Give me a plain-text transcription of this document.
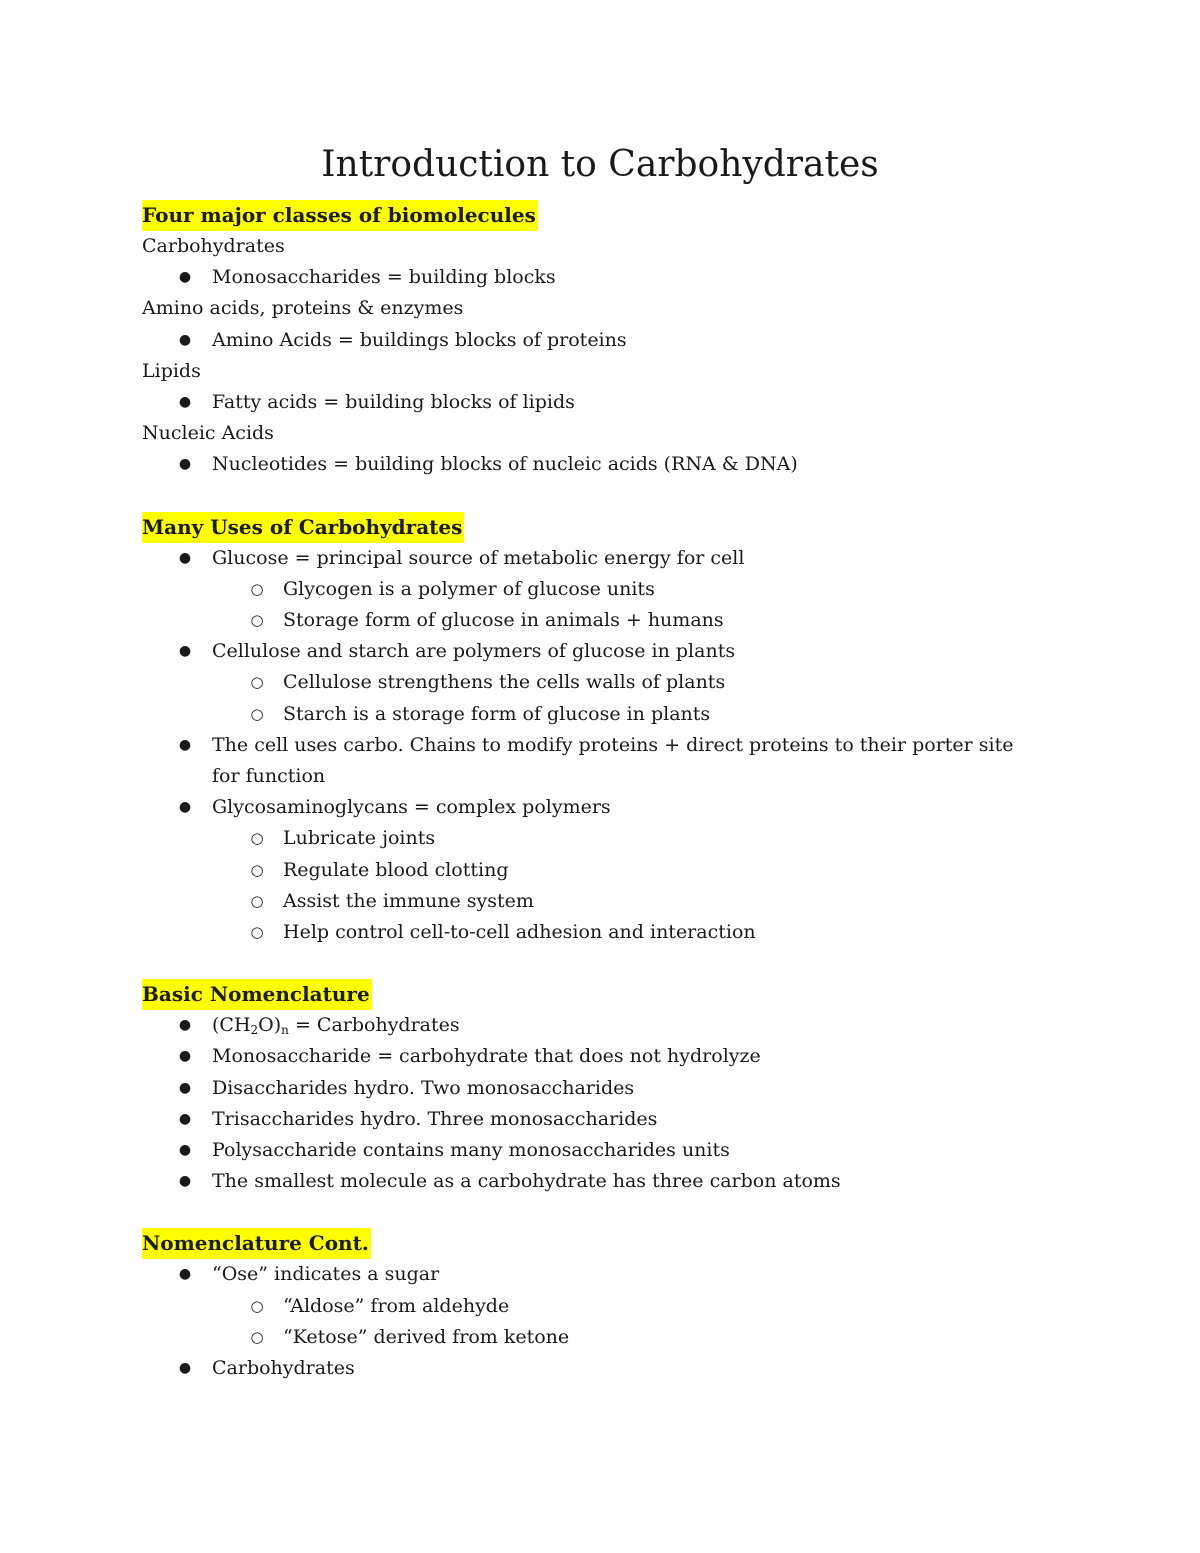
Introduction to Carbohydrates
Four major classes of biomolecules
Carbohydrates
● Monosaccharides = building blocks
Amino acids, proteins & enzymes
● Amino Acids = buildings blocks of proteins
Lipids
● Fatty acids = building blocks of lipids
Nucleic Acids
● Nucleotides = building blocks of nucleic acids (RNA & DNA)
Many Uses of Carbohydrates
● Glucose = principal source of metabolic energy for cell
○ Glycogen is a polymer of glucose units
○ Storage form of glucose in animals + humans
● Cellulose and starch are polymers of glucose in plants
○ Cellulose strengthens the cells walls of plants
○ Starch is a storage form of glucose in plants
● The cell uses carbo. Chains to modify proteins + direct proteins to their porter site for function
● Glycosaminoglycans = complex polymers
○ Lubricate joints
○ Regulate blood clotting
○ Assist the immune system
○ Help control cell-to-cell adhesion and interaction
Basic Nomenclature
● $(CH_2O)_n$ = Carbohydrates
● Monosaccharide = carbohydrate that does not hydrolyze
● Disaccharides hydro. Two monosaccharides
● Trisaccharides hydro. Three monosaccharides
● Polysaccharide contains many monosaccharides units
● The smallest molecule as a carbohydrate has three carbon atoms
Nomenclature Cont.
● “Ose” indicates a sugar
○ “Aldose” from aldehyde
○ “Ketose” derived from ketone
● Carbohydrates
